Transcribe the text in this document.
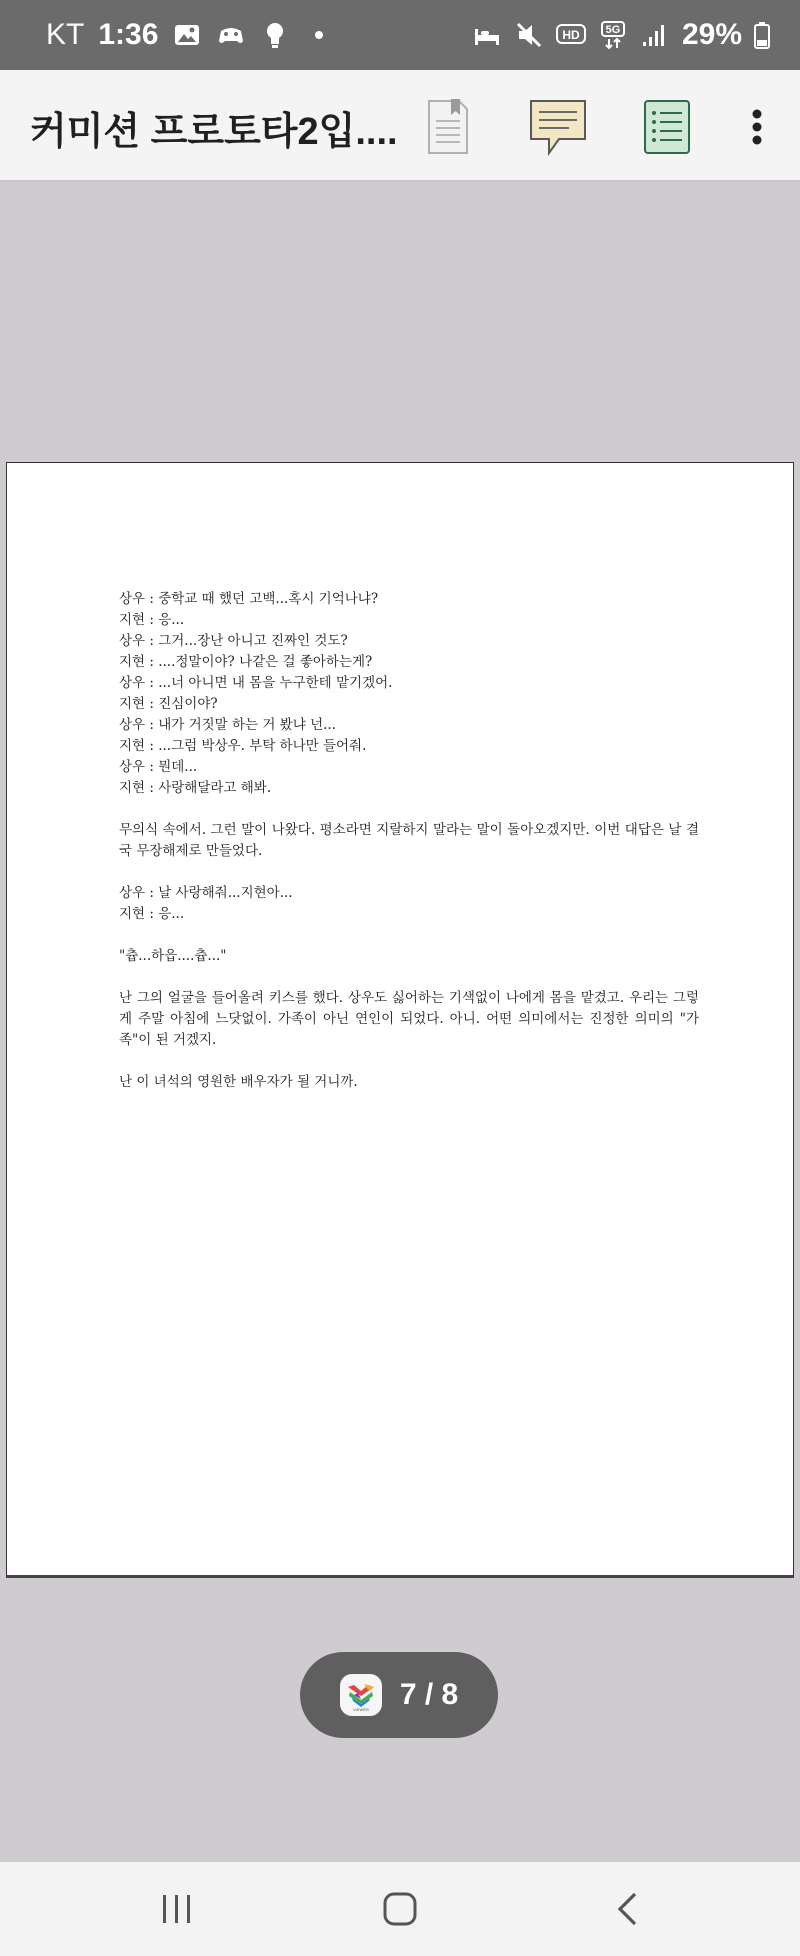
KT 1:36	HD 5G 29%
커미션 프로토타2입....
상우 : 중학교 때 했던 고백...혹시 기억나냐?
지현 : 응...
상우 : 그거...장난 아니고 진짜인 것도?
지현 : ....정말이야? 나같은 걸 좋아하는게?
상우 : ...너 아니면 내 몸을 누구한테 맡기겠어.
지현 : 진심이야?
상우 : 내가 거짓말 하는 거 봤냐 넌...
지현 : ...그럼 박상우. 부탁 하나만 들어줘.
상우 : 뭔데...
지현 : 사랑해달라고 해봐.
무의식 속에서. 그런 말이 나왔다. 평소라면 지랄하지 말라는 말이 돌아오겠지만. 이번 대답은 날 결국 무장해제로 만들었다.
상우 : 날 사랑해줘...지현아...
지현 : 응...
"츕...하읍....츕..."
난 그의 얼굴을 들어올려 키스를 했다. 상우도 싫어하는 기색없이 나에게 몸을 맡겼고. 우리는 그렇게 주말 아침에 느닷없이. 가족이 아닌 연인이 되었다. 아니. 어떤 의미에서는 진정한 의미의 "가족"이 된 거겠지.
난 이 녀석의 영원한 배우자가 될 거니까.
VIEWER 7 / 8
